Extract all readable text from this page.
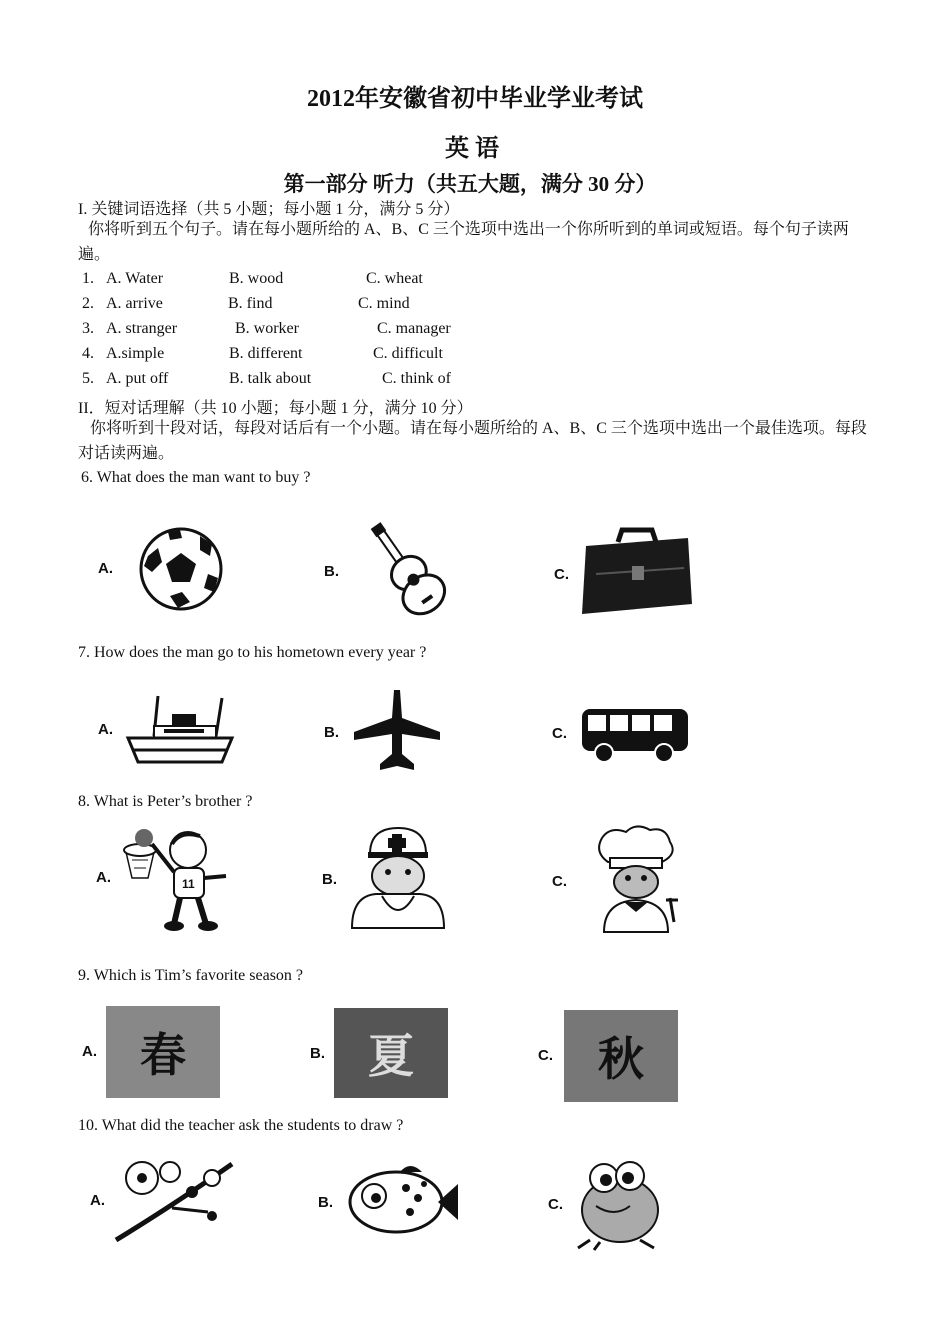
2012年安徽省初中毕业学业考试
英语
第一部分 听力（共五大题，满分 30 分）
I. 关键词语选择（共 5 小题；每小题 1 分，满分 5 分）
你将听到五个句子。请在每小题所给的 A、B、C 三个选项中选出一个你所听到的单词或短语。每个句子读两遍。
1. A. Water	B. wood	C. wheat
2. A. arrive	B. find	C. mind
3. A. stranger	B. worker	C. manager
4. A.simple	B. different	C. difficult
5. A. put off	B. talk about	C. think of
II．短对话理解（共 10 小题；每小题 1 分，满分 10 分）
你将听到十段对话，每段对话后有一个小题。请在每小题所给的 A、B、C 三个选项中选出一个最佳选项。每段对话读两遍。
6. What does the man want to buy ?
A.	B.	C.
7. How does the man go to his hometown every year ?
A.	B.	C.
8. What is Peter’s brother ?
A.	11	B.	C.
9. Which is Tim’s favorite season ?
A. 春	B. 夏	C. 秋
10. What did the teacher ask the students to draw ?
A.	B.	C.
